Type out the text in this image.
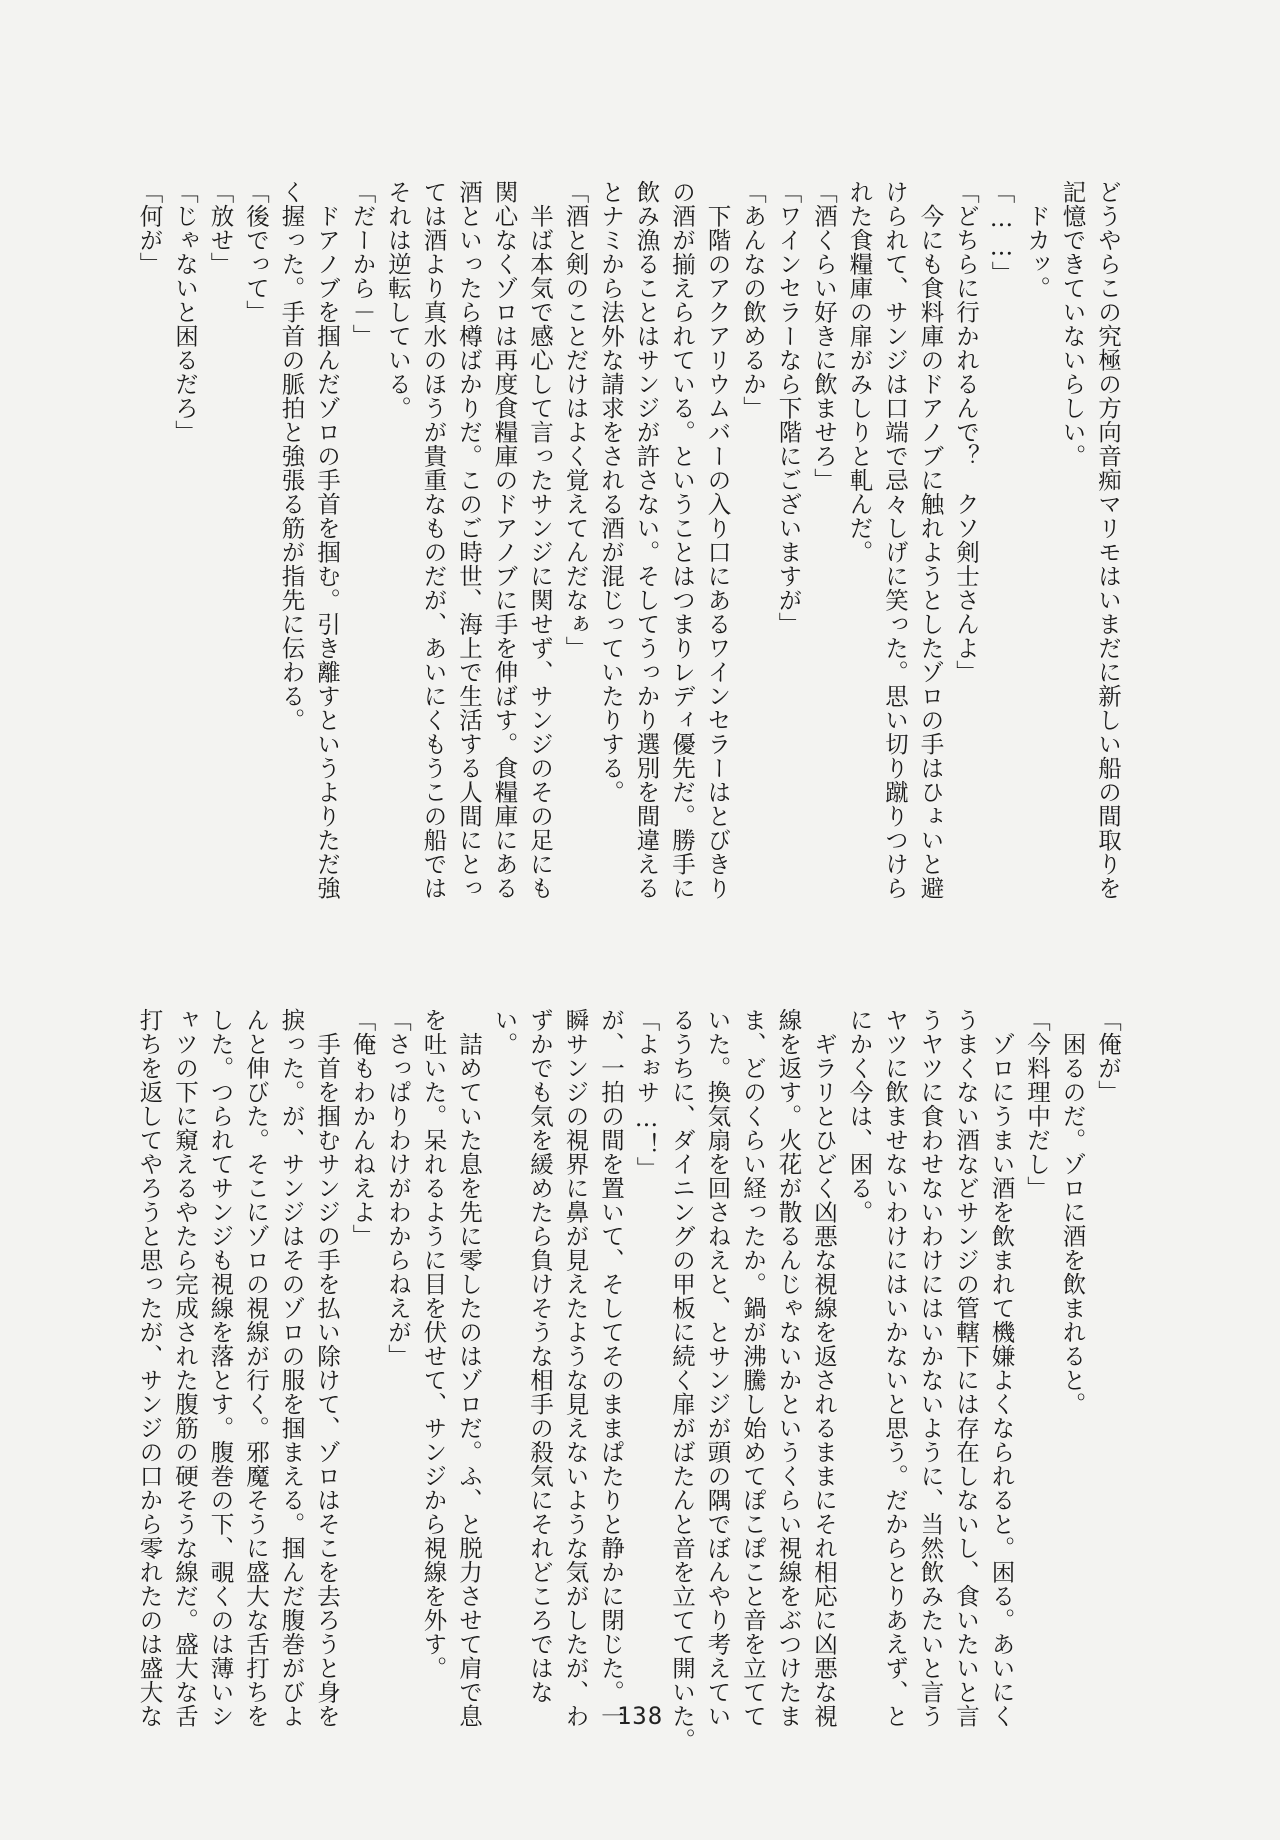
どうやらこの究極の方向音痴マリモはいまだに新しい船の間取りを

記憶できていないらしい。

　ドカッ。

「……」

「どちらに行かれるんで？　クソ剣士さんよ」

　今にも食料庫のドアノブに触れようとしたゾロの手はひょいと避

けられて、サンジは口端で忌々しげに笑った。思い切り蹴りつけら

れた食糧庫の扉がみしりと軋んだ。

「酒くらい好きに飲ませろ」

「ワインセラーなら下階にございますが」

「あんなの飲めるか」

　下階のアクアリウムバーの入り口にあるワインセラーはとびきり

の酒が揃えられている。ということはつまりレディ優先だ。勝手に

飲み漁ることはサンジが許さない。そしてうっかり選別を間違える

とナミから法外な請求をされる酒が混じっていたりする。

「酒と剣のことだけはよく覚えてんだなぁ」

　半ば本気で感心して言ったサンジに関せず、サンジのその足にも

関心なくゾロは再度食糧庫のドアノブに手を伸ばす。食糧庫にある

酒といったら樽ばかりだ。このご時世、海上で生活する人間にとっ

ては酒より真水のほうが貴重なものだが、あいにくもうこの船では

それは逆転している。

「だーから－」

　ドアノブを掴んだゾロの手首を掴む。引き離すというよりただ強

く握った。手首の脈拍と強張る筋が指先に伝わる。

「後でって」

「放せ」

「じゃないと困るだろ」

「何が」

「俺が」

　困るのだ。ゾロに酒を飲まれると。

「今料理中だし」

　ゾロにうまい酒を飲まれて機嫌よくなられると。困る。あいにく

うまくない酒などサンジの管轄下には存在しないし、食いたいと言

うヤツに食わせないわけにはいかないように、当然飲みたいと言う

ヤツに飲ませないわけにはいかないと思う。だからとりあえず、と

にかく今は、困る。

　ギラリとひどく凶悪な視線を返されるままにそれ相応に凶悪な視

線を返す。火花が散るんじゃないかというくらい視線をぶつけたま

ま、どのくらい経ったか。鍋が沸騰し始めてぽこぽこと音を立てて

いた。換気扇を回さねえと、とサンジが頭の隅でぼんやり考えてい

るうちに、ダイニングの甲板に続く扉がばたんと音を立てて開いた。

「よぉサ…！」

が、一拍の間を置いて、そしてそのままぱたりと静かに閉じた。一

瞬サンジの視界に鼻が見えたような見えないような気がしたが、わ

ずかでも気を緩めたら負けそうな相手の殺気にそれどころではな

い。

　詰めていた息を先に零したのはゾロだ。ふ、と脱力させて肩で息

を吐いた。呆れるように目を伏せて、サンジから視線を外す。

「さっぱりわけがわからねえが」

「俺もわかんねえよ」

　手首を掴むサンジの手を払い除けて、ゾロはそこを去ろうと身を

捩った。が、サンジはそのゾロの服を掴まえる。掴んだ腹巻がびよ

んと伸びた。そこにゾロの視線が行く。邪魔そうに盛大な舌打ちを

した。つられてサンジも視線を落とす。腹巻の下、覗くのは薄いシ

ャツの下に窺えるやたら完成された腹筋の硬そうな線だ。盛大な舌

打ちを返してやろうと思ったが、サンジの口から零れたのは盛大な	138
